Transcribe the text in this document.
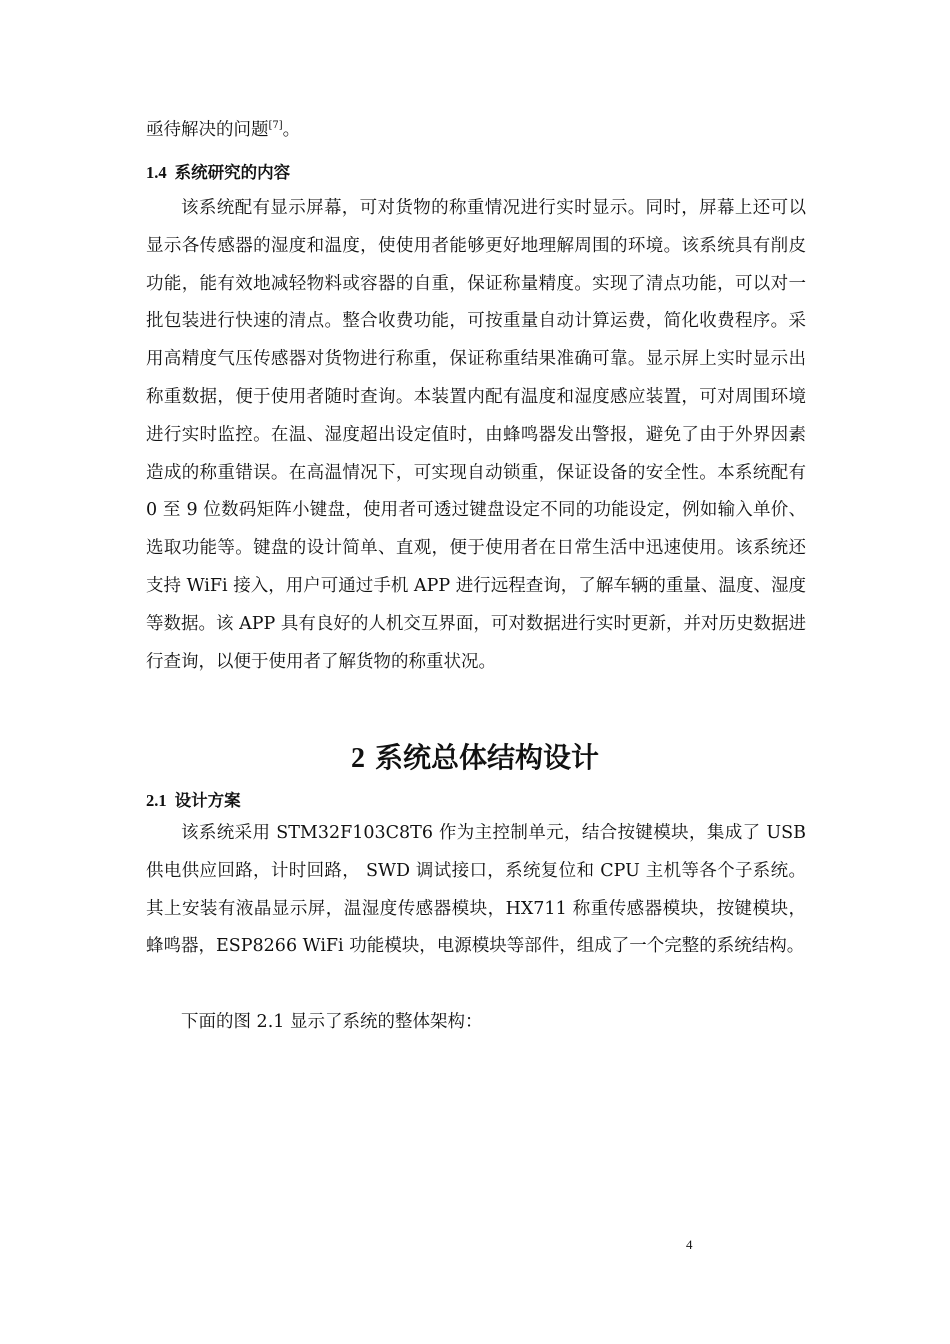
亟待解决的问题[7]。

1.4 系统研究的内容

该系统配有显示屏幕，可对货物的称重情况进行实时显示。同时，屏幕上还可以显示各传感器的湿度和温度，使使用者能够更好地理解周围的环境。该系统具有削皮功能，能有效地减轻物料或容器的自重，保证称量精度。实现了清点功能，可以对一批包装进行快速的清点。整合收费功能，可按重量自动计算运费，简化收费程序。采用高精度气压传感器对货物进行称重，保证称重结果准确可靠。显示屏上实时显示出称重数据，便于使用者随时查询。本装置内配有温度和湿度感应装置，可对周围环境进行实时监控。在温、湿度超出设定值时，由蜂鸣器发出警报，避免了由于外界因素造成的称重错误。在高温情况下，可实现自动锁重，保证设备的安全性。本系统配有 0 至 9 位数码矩阵小键盘，使用者可透过键盘设定不同的功能设定，例如输入单价、选取功能等。键盘的设计简单、直观，便于使用者在日常生活中迅速使用。该系统还支持 WiFi 接入，用户可通过手机 APP 进行远程查询，了解车辆的重量、温度、湿度等数据。该 APP 具有良好的人机交互界面，可对数据进行实时更新，并对历史数据进行查询，以便于使用者了解货物的称重状况。

2 系统总体结构设计
2.1 设计方案

该系统采用 STM32F103C8T6 作为主控制单元，结合按键模块，集成了 USB 供电供应回路，计时回路， SWD 调试接口，系统复位和 CPU 主机等各个子系统。其上安装有液晶显示屏，温湿度传感器模块，HX711 称重传感器模块，按键模块，蜂鸣器，ESP8266 WiFi 功能模块，电源模块等部件，组成了一个完整的系统结构。

下面的图 2.1 显示了系统的整体架构：

4
